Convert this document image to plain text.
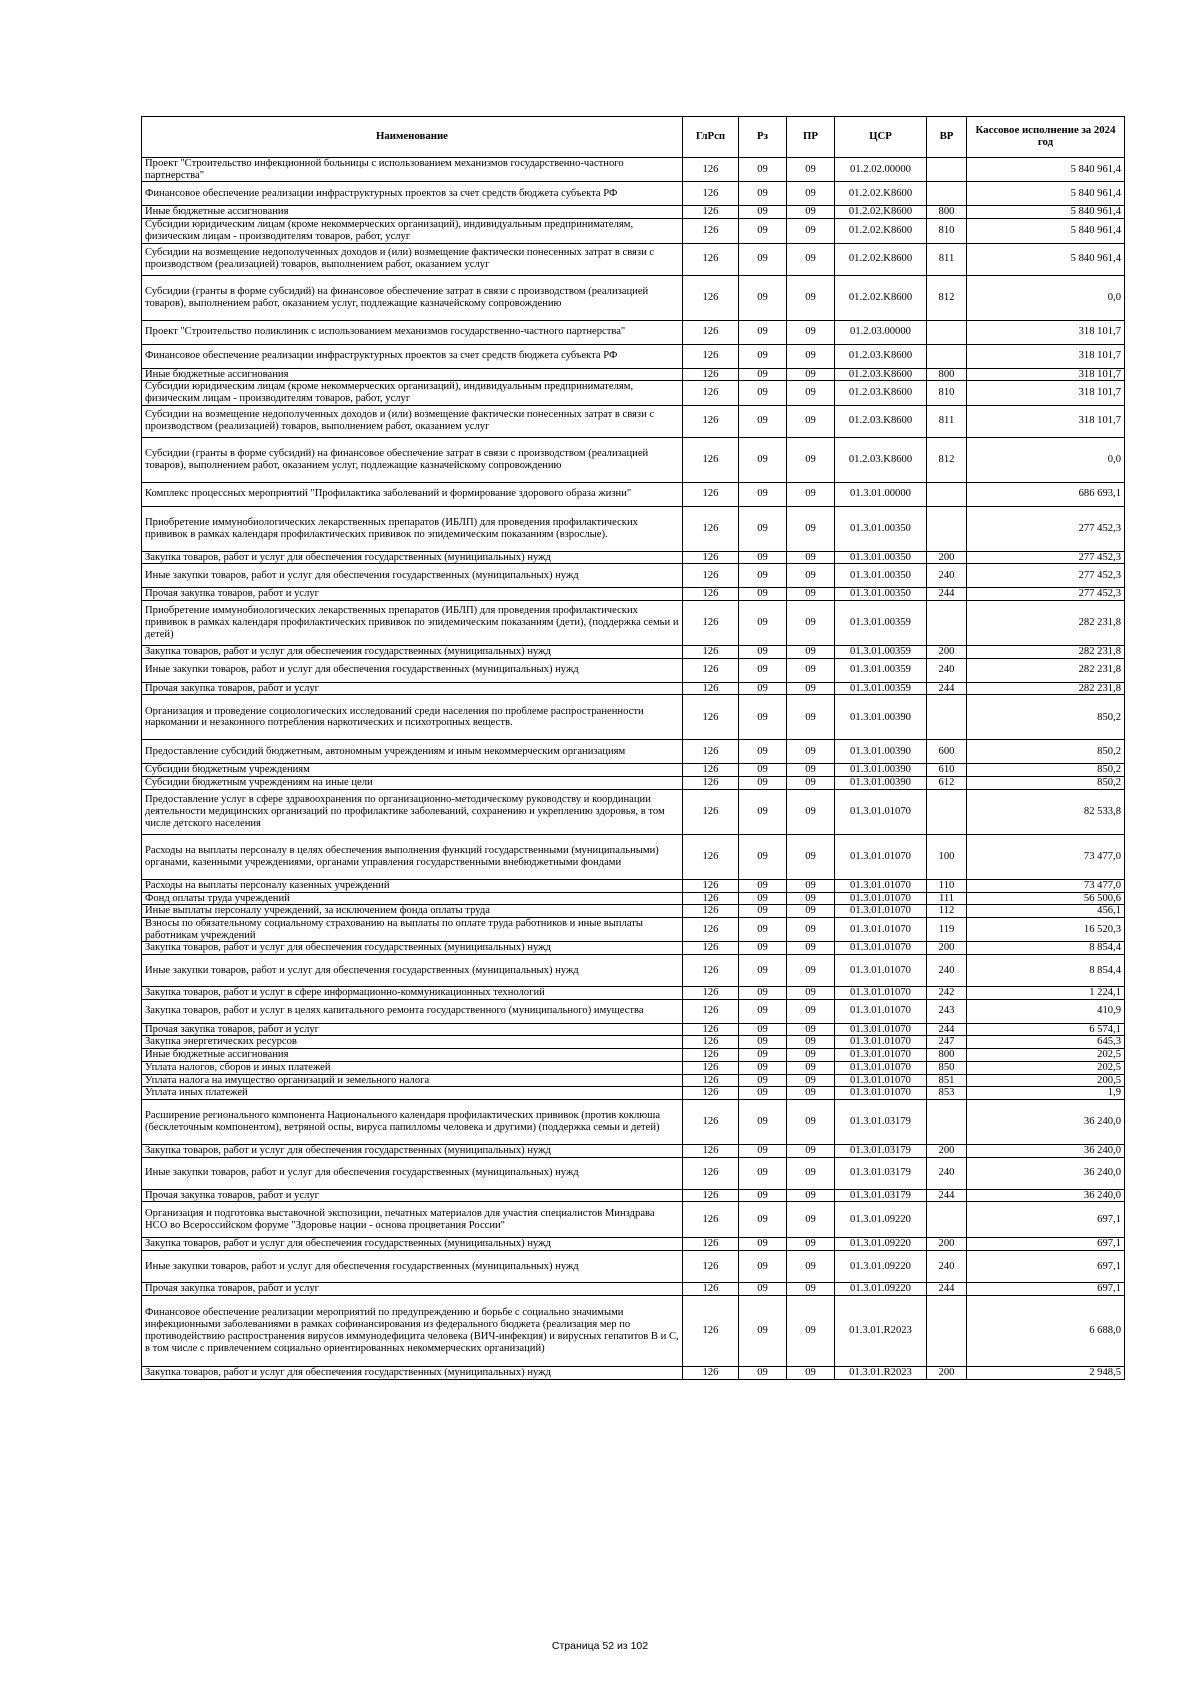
Наименование	ГлРсп	Рз	ПР	ЦСР	ВР	Кассовое исполнение за 2024 год
Проект "Строительство инфекционной больницы с использованием механизмов государственно-частного партнерства"	126	09	09	01.2.02.00000		5 840 961,4
Финансовое обеспечение реализации инфраструктурных проектов за счет средств бюджета субъекта РФ	126	09	09	01.2.02.K8600		5 840 961,4
Иные бюджетные ассигнования	126	09	09	01.2.02.K8600	800	5 840 961,4
Субсидии юридическим лицам (кроме некоммерческих организаций), индивидуальным предпринимателям, физическим лицам - производителям товаров, работ, услуг	126	09	09	01.2.02.K8600	810	5 840 961,4
Субсидии на возмещение недополученных доходов и (или) возмещение фактически понесенных затрат в связи с производством (реализацией) товаров, выполнением работ, оказанием услуг	126	09	09	01.2.02.K8600	811	5 840 961,4
Субсидии (гранты в форме субсидий) на финансовое обеспечение затрат в связи с производством (реализацией товаров), выполнением работ, оказанием услуг, подлежащие казначейскому сопровождению	126	09	09	01.2.02.K8600	812	0,0
Проект "Строительство поликлиник с использованием механизмов государственно-частного партнерства"	126	09	09	01.2.03.00000		318 101,7
Финансовое обеспечение реализации инфраструктурных проектов за счет средств бюджета субъекта РФ	126	09	09	01.2.03.K8600		318 101,7
Иные бюджетные ассигнования	126	09	09	01.2.03.K8600	800	318 101,7
Субсидии юридическим лицам (кроме некоммерческих организаций), индивидуальным предпринимателям, физическим лицам - производителям товаров, работ, услуг	126	09	09	01.2.03.K8600	810	318 101,7
Субсидии на возмещение недополученных доходов и (или) возмещение фактически понесенных затрат в связи с производством (реализацией) товаров, выполнением работ, оказанием услуг	126	09	09	01.2.03.K8600	811	318 101,7
Субсидии (гранты в форме субсидий) на финансовое обеспечение затрат в связи с производством (реализацией товаров), выполнением работ, оказанием услуг, подлежащие казначейскому сопровождению	126	09	09	01.2.03.K8600	812	0,0
Комплекс процессных мероприятий "Профилактика заболеваний и формирование здорового образа жизни"	126	09	09	01.3.01.00000		686 693,1
Приобретение иммунобиологических лекарственных препаратов (ИБЛП) для проведения профилактических прививок в рамках календаря профилактических прививок по эпидемическим показаниям (взрослые).	126	09	09	01.3.01.00350		277 452,3
Закупка товаров, работ и услуг для обеспечения государственных (муниципальных) нужд	126	09	09	01.3.01.00350	200	277 452,3
Иные закупки товаров, работ и услуг для обеспечения государственных (муниципальных) нужд	126	09	09	01.3.01.00350	240	277 452,3
Прочая закупка товаров, работ и услуг	126	09	09	01.3.01.00350	244	277 452,3
Приобретение иммунобиологических лекарственных препаратов (ИБЛП) для проведения профилактических прививок в рамках календаря профилактических прививок по эпидемическим показаниям (дети), (поддержка семьи и детей)	126	09	09	01.3.01.00359		282 231,8
Закупка товаров, работ и услуг для обеспечения государственных (муниципальных) нужд	126	09	09	01.3.01.00359	200	282 231,8
Иные закупки товаров, работ и услуг для обеспечения государственных (муниципальных) нужд	126	09	09	01.3.01.00359	240	282 231,8
Прочая закупка товаров, работ и услуг	126	09	09	01.3.01.00359	244	282 231,8
Организация и проведение социологических исследований среди населения по проблеме распространенности наркомании и незаконного потребления наркотических и психотропных веществ.	126	09	09	01.3.01.00390		850,2
Предоставление субсидий бюджетным, автономным учреждениям и иным некоммерческим организациям	126	09	09	01.3.01.00390	600	850,2
Субсидии бюджетным учреждениям	126	09	09	01.3.01.00390	610	850,2
Субсидии бюджетным учреждениям на иные цели	126	09	09	01.3.01.00390	612	850,2
Предоставление услуг в сфере здравоохранения по организационно-методическому руководству и координации деятельности медицинских организаций по профилактике заболеваний, сохранению и укреплению здоровья, в том числе детского населения	126	09	09	01.3.01.01070		82 533,8
Расходы на выплаты персоналу в целях обеспечения выполнения функций государственными (муниципальными) органами, казенными учреждениями, органами управления государственными внебюджетными фондами	126	09	09	01.3.01.01070	100	73 477,0
Расходы на выплаты персоналу казенных учреждений	126	09	09	01.3.01.01070	110	73 477,0
Фонд оплаты труда учреждений	126	09	09	01.3.01.01070	111	56 500,6
Иные выплаты персоналу учреждений, за исключением фонда оплаты труда	126	09	09	01.3.01.01070	112	456,1
Взносы по обязательному социальному страхованию на выплаты по оплате труда работников и иные выплаты работникам учреждений	126	09	09	01.3.01.01070	119	16 520,3
Закупка товаров, работ и услуг для обеспечения государственных (муниципальных) нужд	126	09	09	01.3.01.01070	200	8 854,4
Иные закупки товаров, работ и услуг для обеспечения государственных (муниципальных) нужд	126	09	09	01.3.01.01070	240	8 854,4
Закупка товаров, работ и услуг в сфере информационно-коммуникационных технологий	126	09	09	01.3.01.01070	242	1 224,1
Закупка товаров, работ и услуг в целях капитального ремонта государственного (муниципального) имущества	126	09	09	01.3.01.01070	243	410,9
Прочая закупка товаров, работ и услуг	126	09	09	01.3.01.01070	244	6 574,1
Закупка энергетических ресурсов	126	09	09	01.3.01.01070	247	645,3
Иные бюджетные ассигнования	126	09	09	01.3.01.01070	800	202,5
Уплата налогов, сборов и иных платежей	126	09	09	01.3.01.01070	850	202,5
Уплата налога на имущество организаций и земельного налога	126	09	09	01.3.01.01070	851	200,5
Уплата иных платежей	126	09	09	01.3.01.01070	853	1,9
Расширение регионального компонента Национального календаря профилактических прививок (против коклюша (бесклеточным компонентом), ветряной оспы, вируса папилломы человека и другими) (поддержка семьи и детей)	126	09	09	01.3.01.03179		36 240,0
Закупка товаров, работ и услуг для обеспечения государственных (муниципальных) нужд	126	09	09	01.3.01.03179	200	36 240,0
Иные закупки товаров, работ и услуг для обеспечения государственных (муниципальных) нужд	126	09	09	01.3.01.03179	240	36 240,0
Прочая закупка товаров, работ и услуг	126	09	09	01.3.01.03179	244	36 240,0
Организация и подготовка выставочной экспозиции, печатных материалов для участия специалистов Минздрава НСО во Всероссийском форуме "Здоровье нации - основа процветания России"	126	09	09	01.3.01.09220		697,1
Закупка товаров, работ и услуг для обеспечения государственных (муниципальных) нужд	126	09	09	01.3.01.09220	200	697,1
Иные закупки товаров, работ и услуг для обеспечения государственных (муниципальных) нужд	126	09	09	01.3.01.09220	240	697,1
Прочая закупка товаров, работ и услуг	126	09	09	01.3.01.09220	244	697,1
Финансовое обеспечение реализации мероприятий по предупреждению и борьбе с социально значимыми инфекционными заболеваниями в рамках софинансирования из федерального бюджета (реализация мер по противодействию распространения вирусов иммунодефицита человека (ВИЧ-инфекция) и вирусных гепатитов B и C, в том числе с привлечением социально ориентированных некоммерческих организаций)	126	09	09	01.3.01.R2023		6 688,0
Закупка товаров, работ и услуг для обеспечения государственных (муниципальных) нужд	126	09	09	01.3.01.R2023	200	2 948,5
Страница 52 из 102
